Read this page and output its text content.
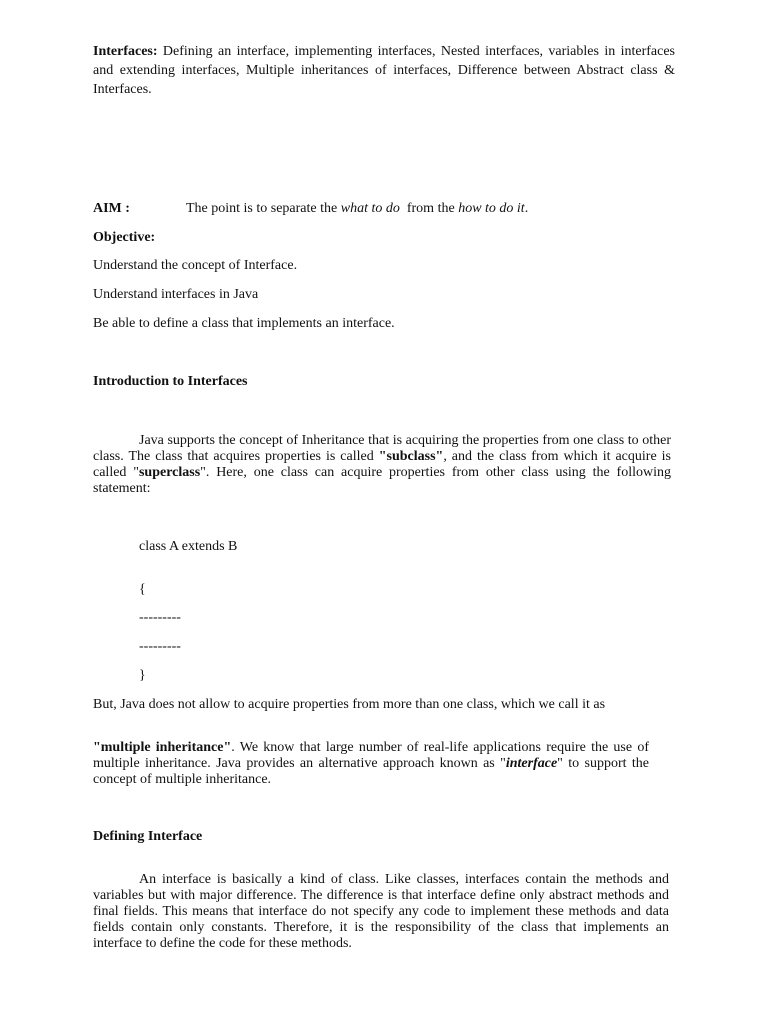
Interfaces: Defining an interface, implementing interfaces, Nested interfaces, variables in interfaces and extending interfaces, Multiple inheritances of interfaces, Difference between Abstract class & Interfaces.
AIM :	The point is to separate the what to do  from the how to do it.
Objective:
Understand the concept of Interface.
Understand interfaces in Java
Be able to define a class that implements an interface.
Introduction to Interfaces
Java supports the concept of Inheritance that is acquiring the properties from one class to other class. The class that acquires properties is called "subclass", and the class from which it acquire is called "superclass". Here, one class can acquire properties from other class using the following statement:
class A extends B
{
---------
---------
}
But, Java does not allow to acquire properties from more than one class, which we call it as
"multiple inheritance". We know that large number of real-life applications require the use of multiple inheritance. Java provides an alternative approach known as "interface" to support the concept of multiple inheritance.
Defining Interface
An interface is basically a kind of class. Like classes, interfaces contain the methods and variables but with major difference. The difference is that interface define only abstract methods and final fields. This means that interface do not specify any code to implement these methods and data fields contain only constants. Therefore, it is the responsibility of the class that implements an interface to define the code for these methods.
